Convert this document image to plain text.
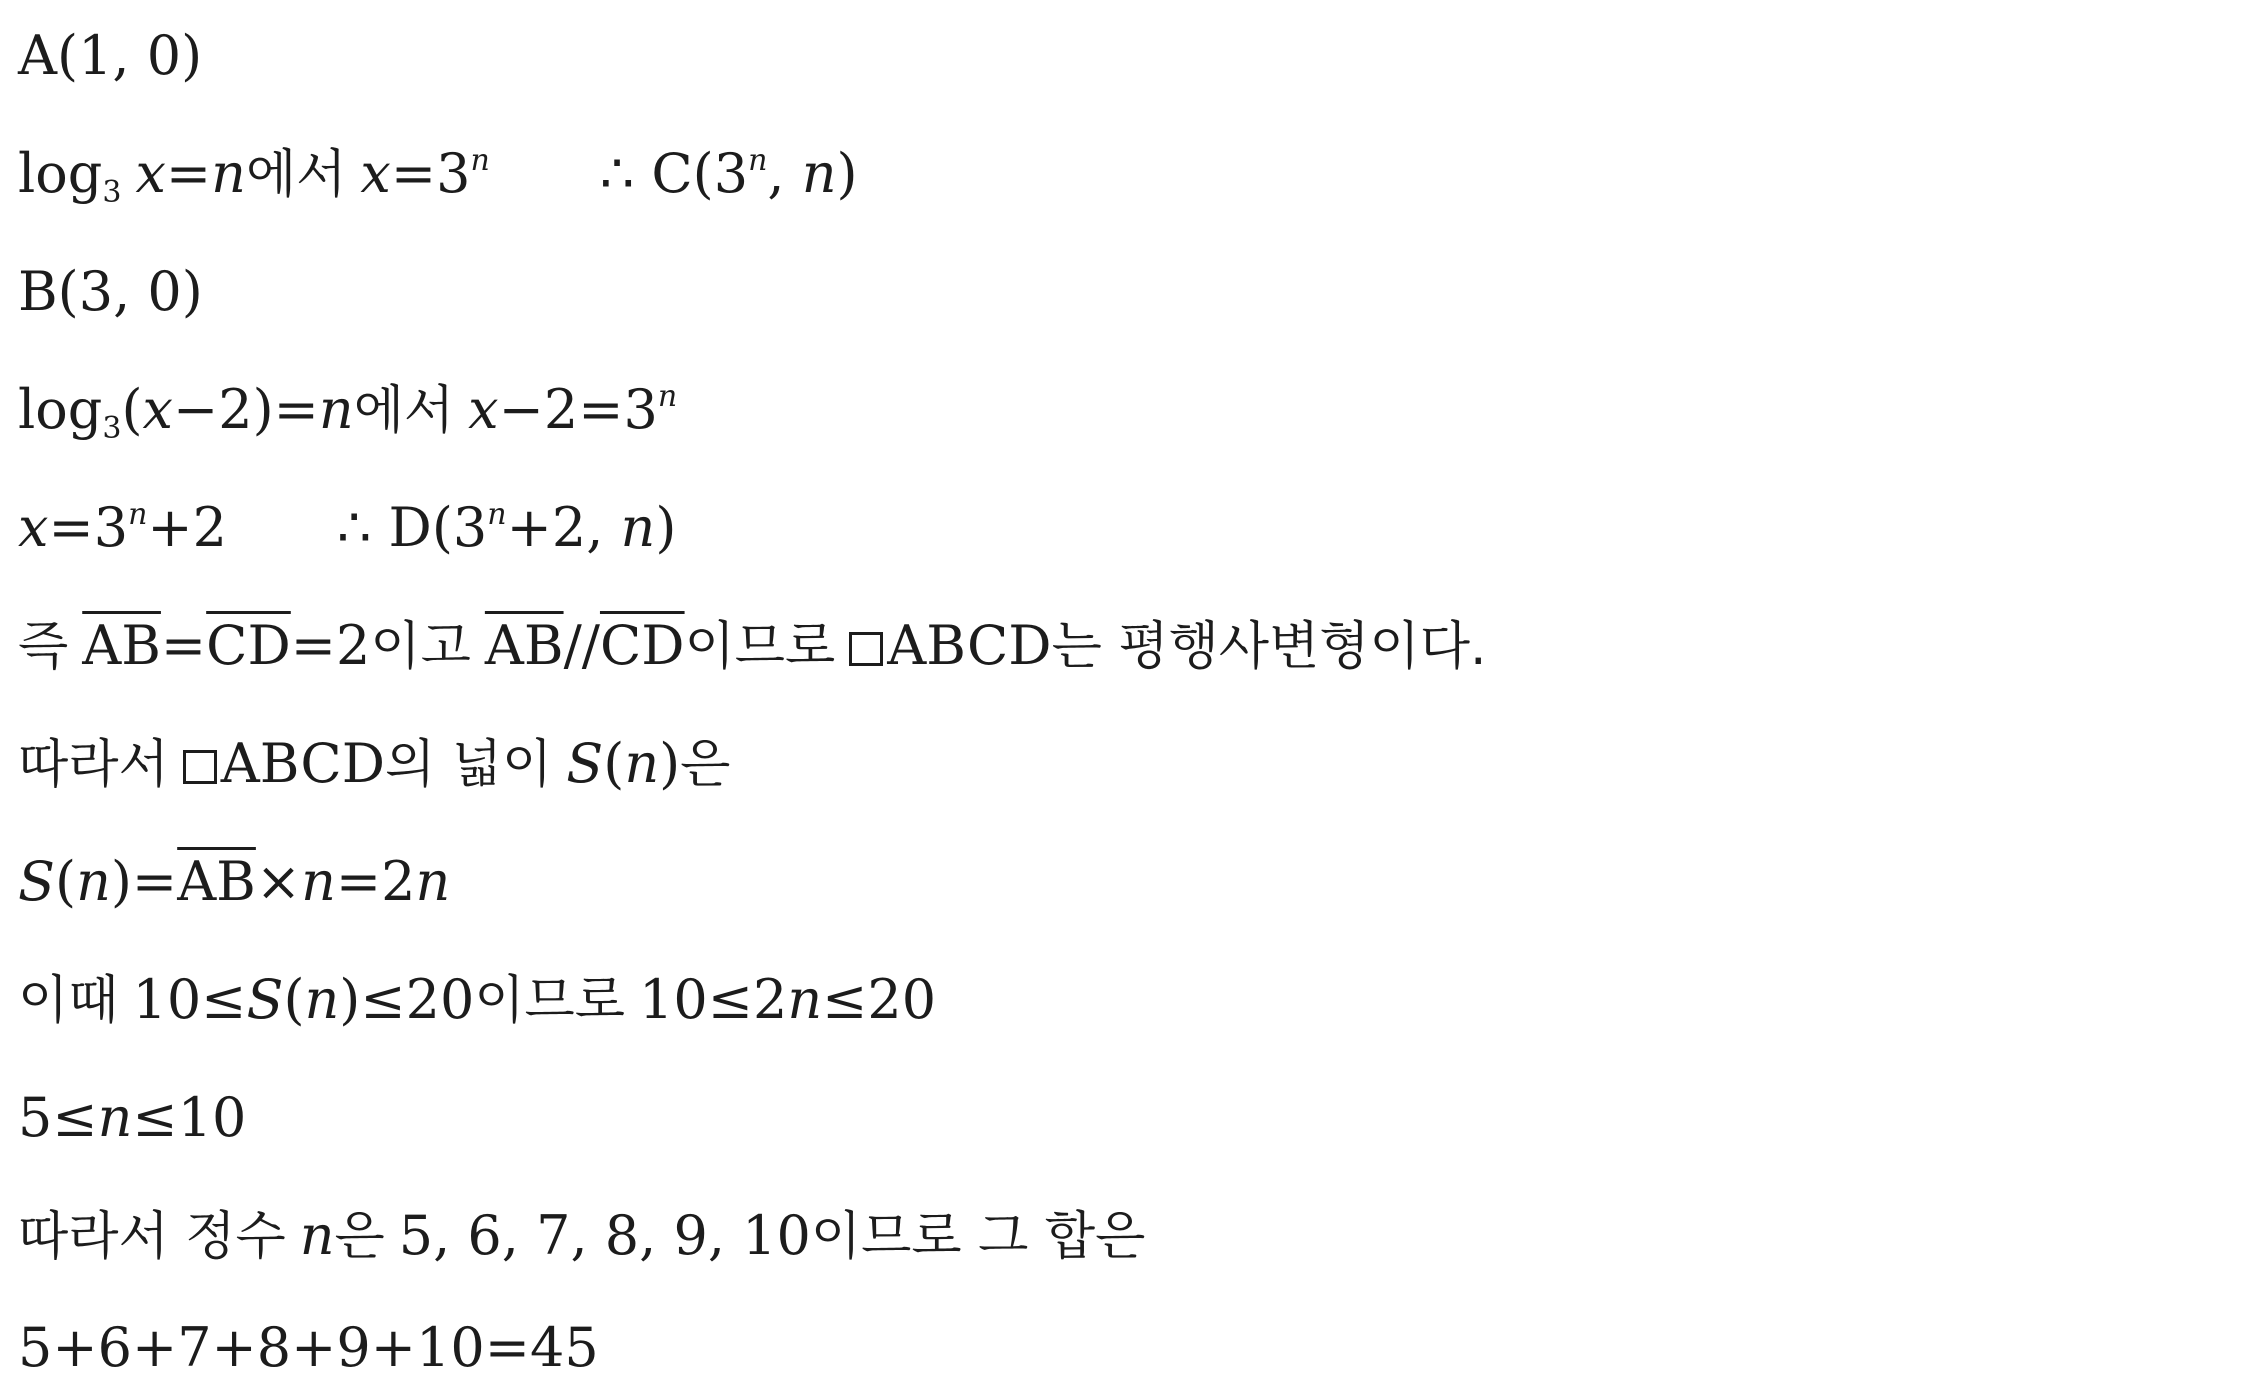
A(1, 0)
$\log_3 x=n$에서 $x=3^n$ ∴ C(3$^n$, n)
B(3, 0)
$\log_3(x-2)=n$에서 $x-2=3^n$
$x=3^n+2$ ∴ $D(3^n+2$, n)
즉 $\overline{AB}=\overline{CD}=2$이고 $\overline{AB}//\overline{CD}$이므로 ABCD는 평행사변형이다.
따라서 ABCD의 넓이 S(n)은
$S(n)=\overline{AB}\times n=2n$
이때 10≤S(n)≤20이므로 10≤2n≤20
5≤n≤10
따라서 정수 n은 5, 6, 7, 8, 9, 10이므로 그 합은
5+6+7+8+9+10=45
